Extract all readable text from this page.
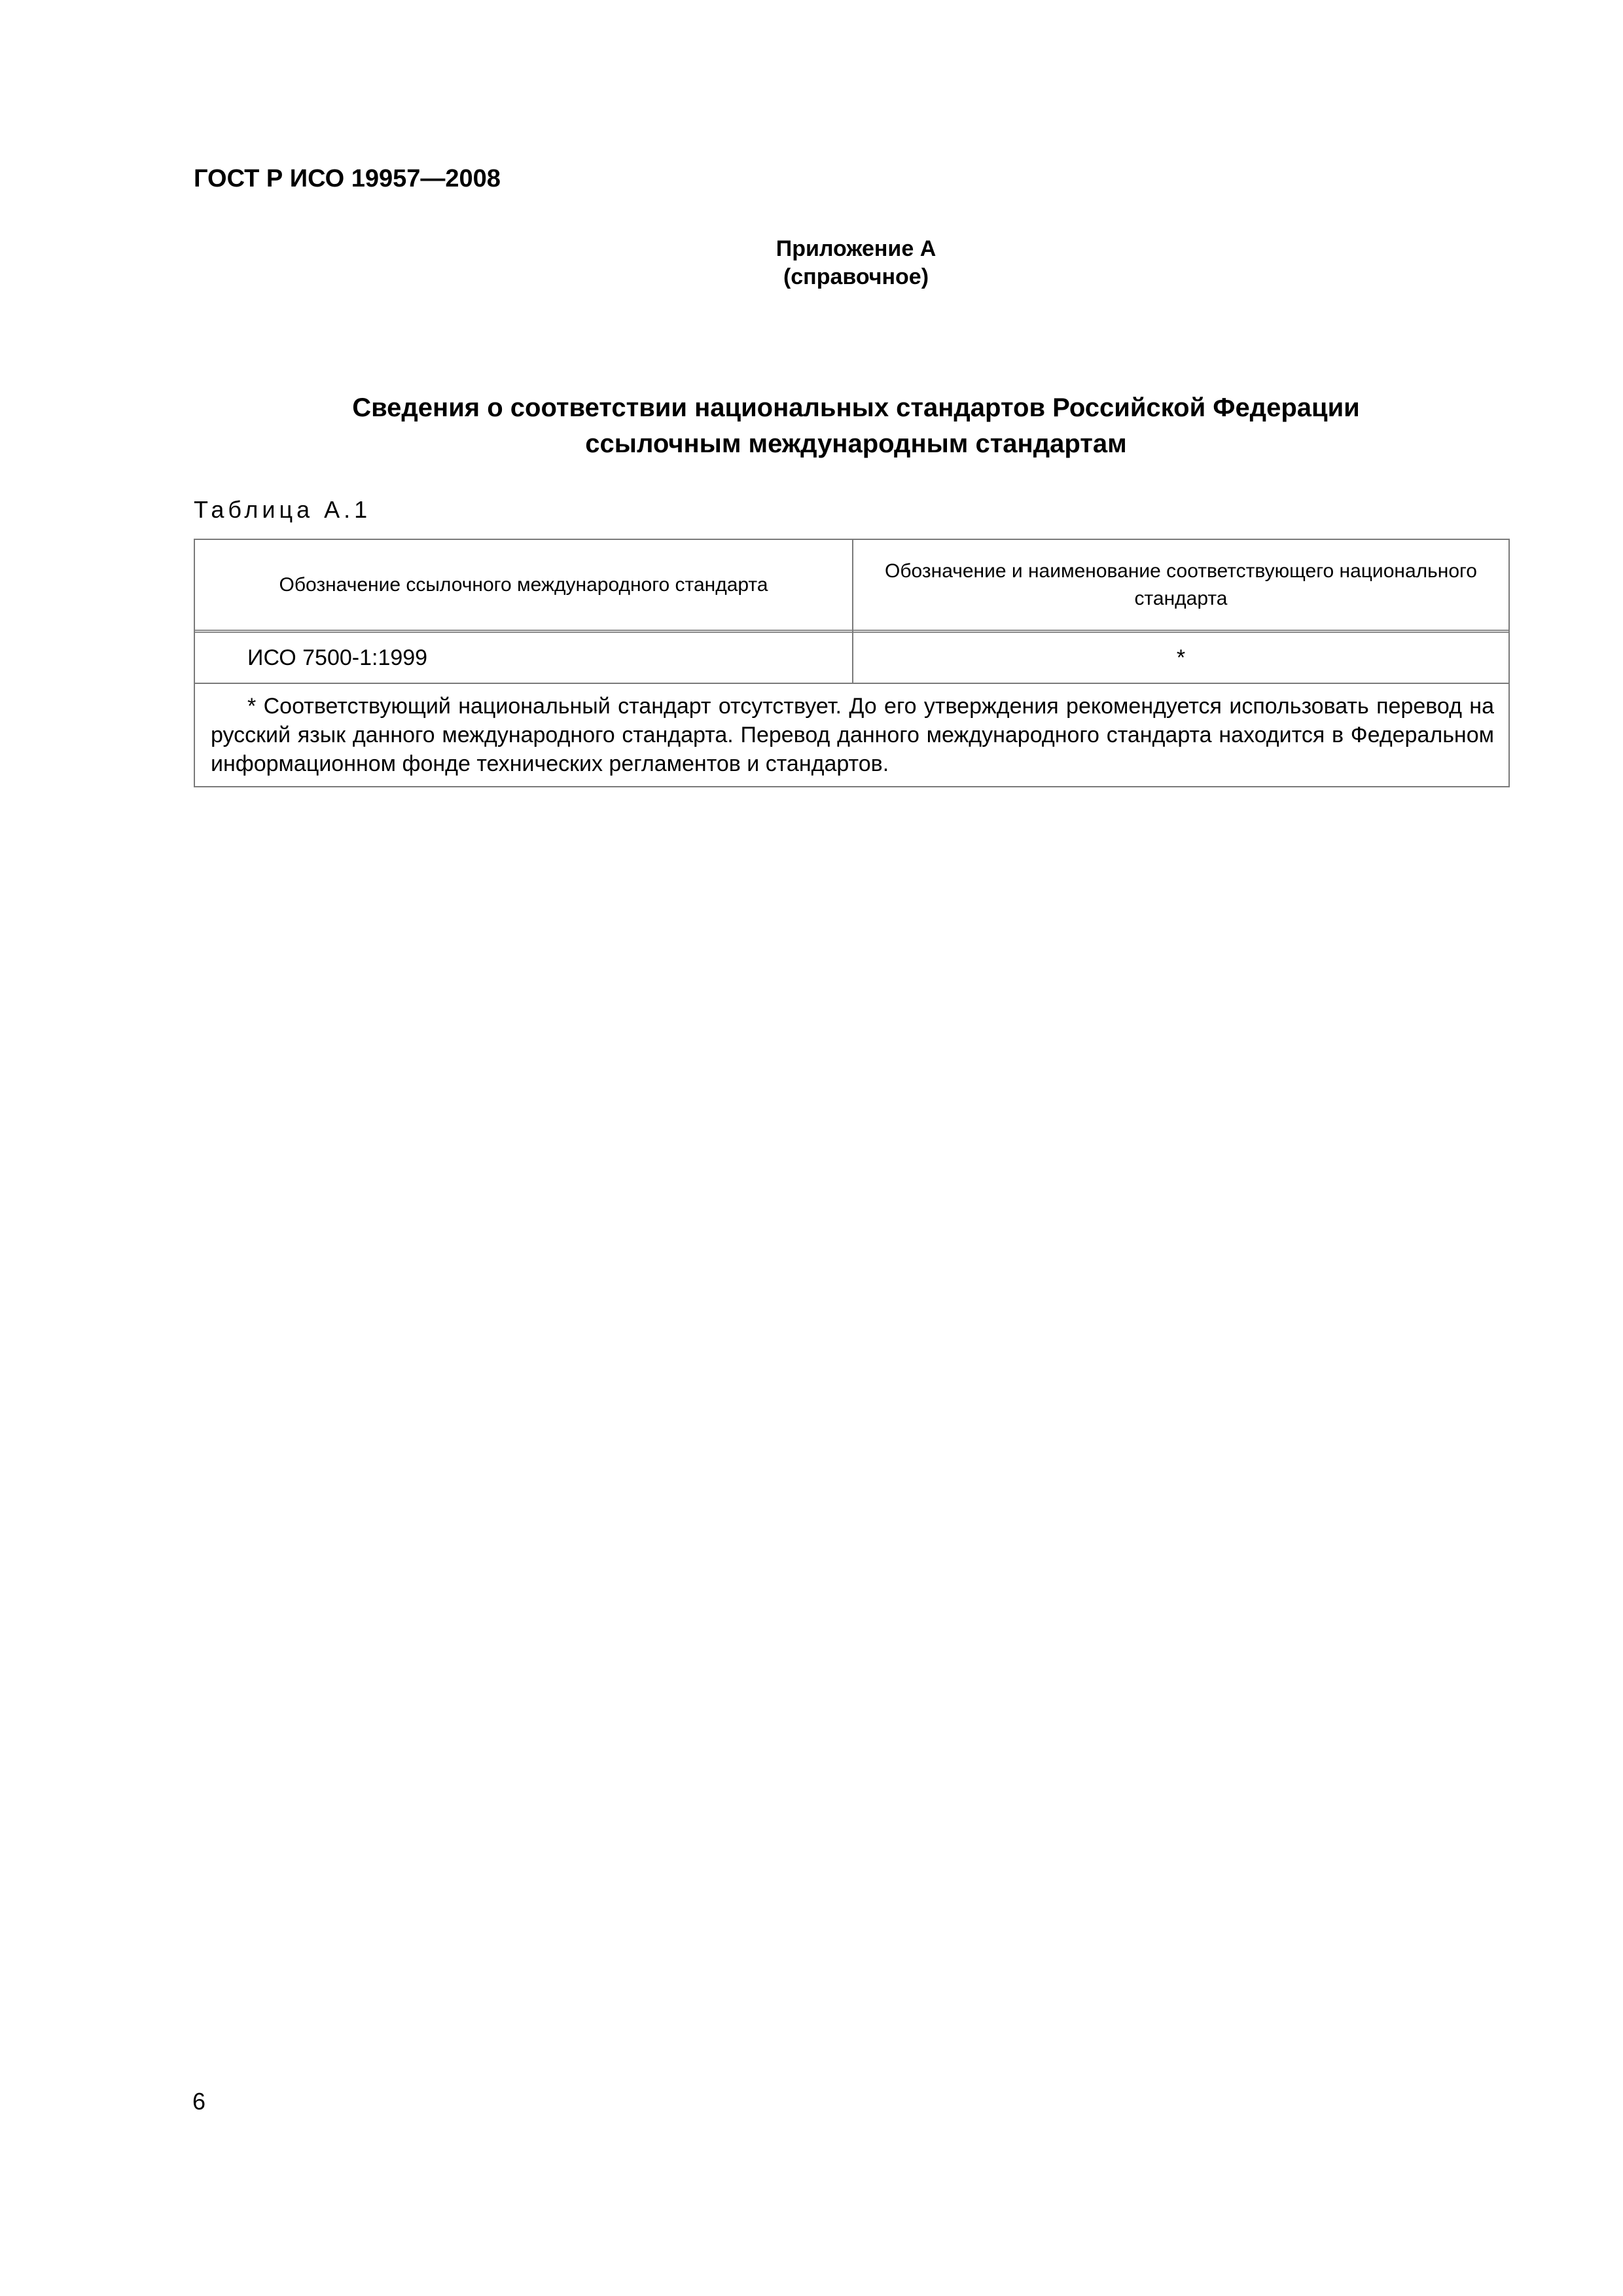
ГОСТ Р ИСО 19957—2008
Приложение А
(справочное)
Сведения о соответствии национальных стандартов Российской Федерации
ссылочным международным стандартам
Таблица А.1
Обозначение ссылочного международного стандарта
Обозначение и наименование соответствующего национального стандарта
ИСО 7500-1:1999	*
* Соответствующий национальный стандарт отсутствует. До его утверждения рекомендуется использовать перевод на русский язык данного международного стандарта. Перевод данного международного стандарта находится в Федеральном информационном фонде технических регламентов и стандартов.
6
